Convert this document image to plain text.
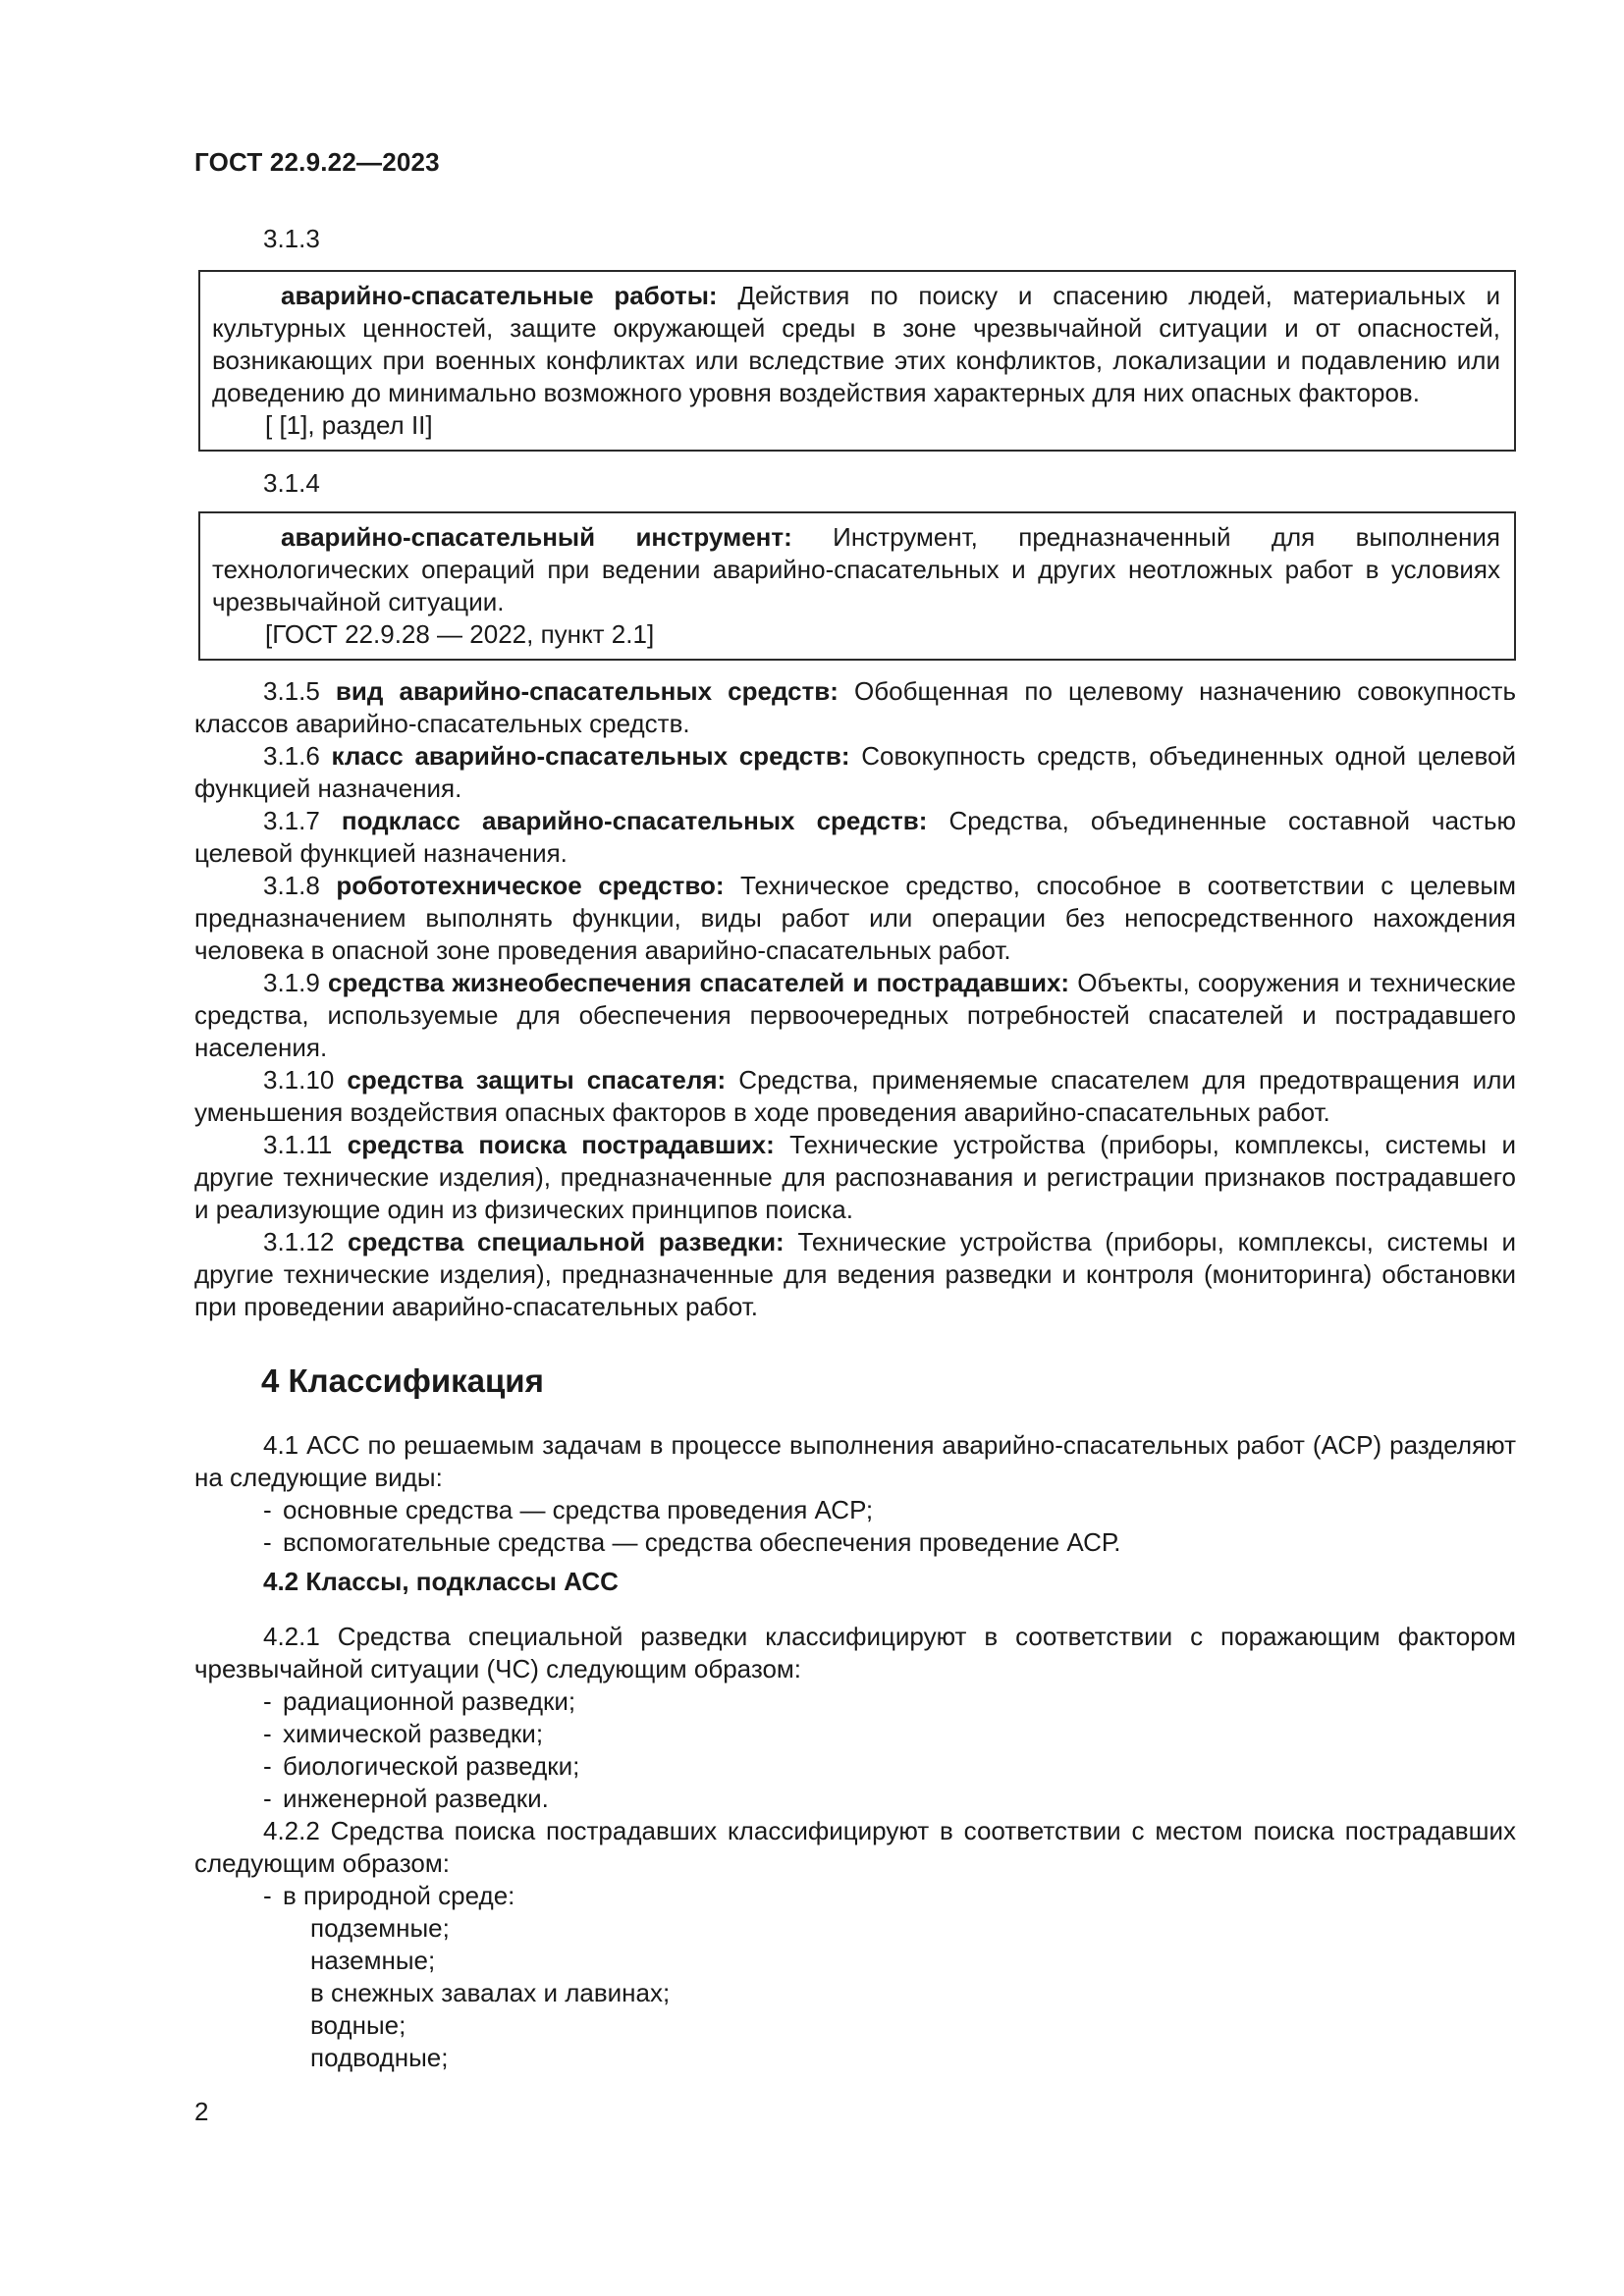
ГОСТ 22.9.22—2023
3.1.3

аварийно-спасательные работы: Действия по поиску и спасению людей, материальных и культурных ценностей, защите окружающей среды в зоне чрезвычайной ситуации и от опасностей, возникающих при военных конфликтах или вследствие этих конфликтов, локализации и подавлению или доведению до минимально возможного уровня воздействия характерных для них опасных факторов.

[ [1], раздел II]

3.1.4

аварийно-спасательный инструмент: Инструмент, предназначенный для выполнения технологических операций при ведении аварийно-спасательных и других неотложных работ в условиях чрезвычайной ситуации.

[ГОСТ 22.9.28 — 2022, пункт 2.1]

3.1.5 вид аварийно-спасательных средств: Обобщенная по целевому назначению совокупность классов аварийно-спасательных средств.

3.1.6 класс аварийно-спасательных средств: Совокупность средств, объединенных одной целевой функцией назначения.

3.1.7 подкласс аварийно-спасательных средств: Средства, объединенные составной частью целевой функцией назначения.

3.1.8 робототехническое средство: Техническое средство, способное в соответствии с целевым предназначением выполнять функции, виды работ или операции без непосредственного нахождения человека в опасной зоне проведения аварийно-спасательных работ.

3.1.9 средства жизнеобеспечения спасателей и пострадавших: Объекты, сооружения и технические средства, используемые для обеспечения первоочередных потребностей спасателей и пострадавшего населения.

3.1.10 средства защиты спасателя: Средства, применяемые спасателем для предотвращения или уменьшения воздействия опасных факторов в ходе проведения аварийно-спасательных работ.

3.1.11 средства поиска пострадавших: Технические устройства (приборы, комплексы, системы и другие технические изделия), предназначенные для распознавания и регистрации признаков пострадавшего и реализующие один из физических принципов поиска.

3.1.12 средства специальной разведки: Технические устройства (приборы, комплексы, системы и другие технические изделия), предназначенные для ведения разведки и контроля (мониторинга) обстановки при проведении аварийно-спасательных работ.

4 Классификация

4.1 АСС по решаемым задачам в процессе выполнения аварийно-спасательных работ (АСР) разделяют на следующие виды:

- основные средства — средства проведения АСР;
- вспомогательные средства — средства обеспечения проведение АСР.
4.2 Классы, подклассы АСС

4.2.1 Средства специальной разведки классифицируют в соответствии с поражающим фактором чрезвычайной ситуации (ЧС) следующим образом:

- радиационной разведки;
- химической разведки;
- биологической разведки;
- инженерной разведки.

4.2.2 Средства поиска пострадавших классифицируют в соответствии с местом поиска пострадавших следующим образом:

- в природной среде:
подземные;
наземные;
в снежных завалах и лавинах;
водные;
подводные;
2
